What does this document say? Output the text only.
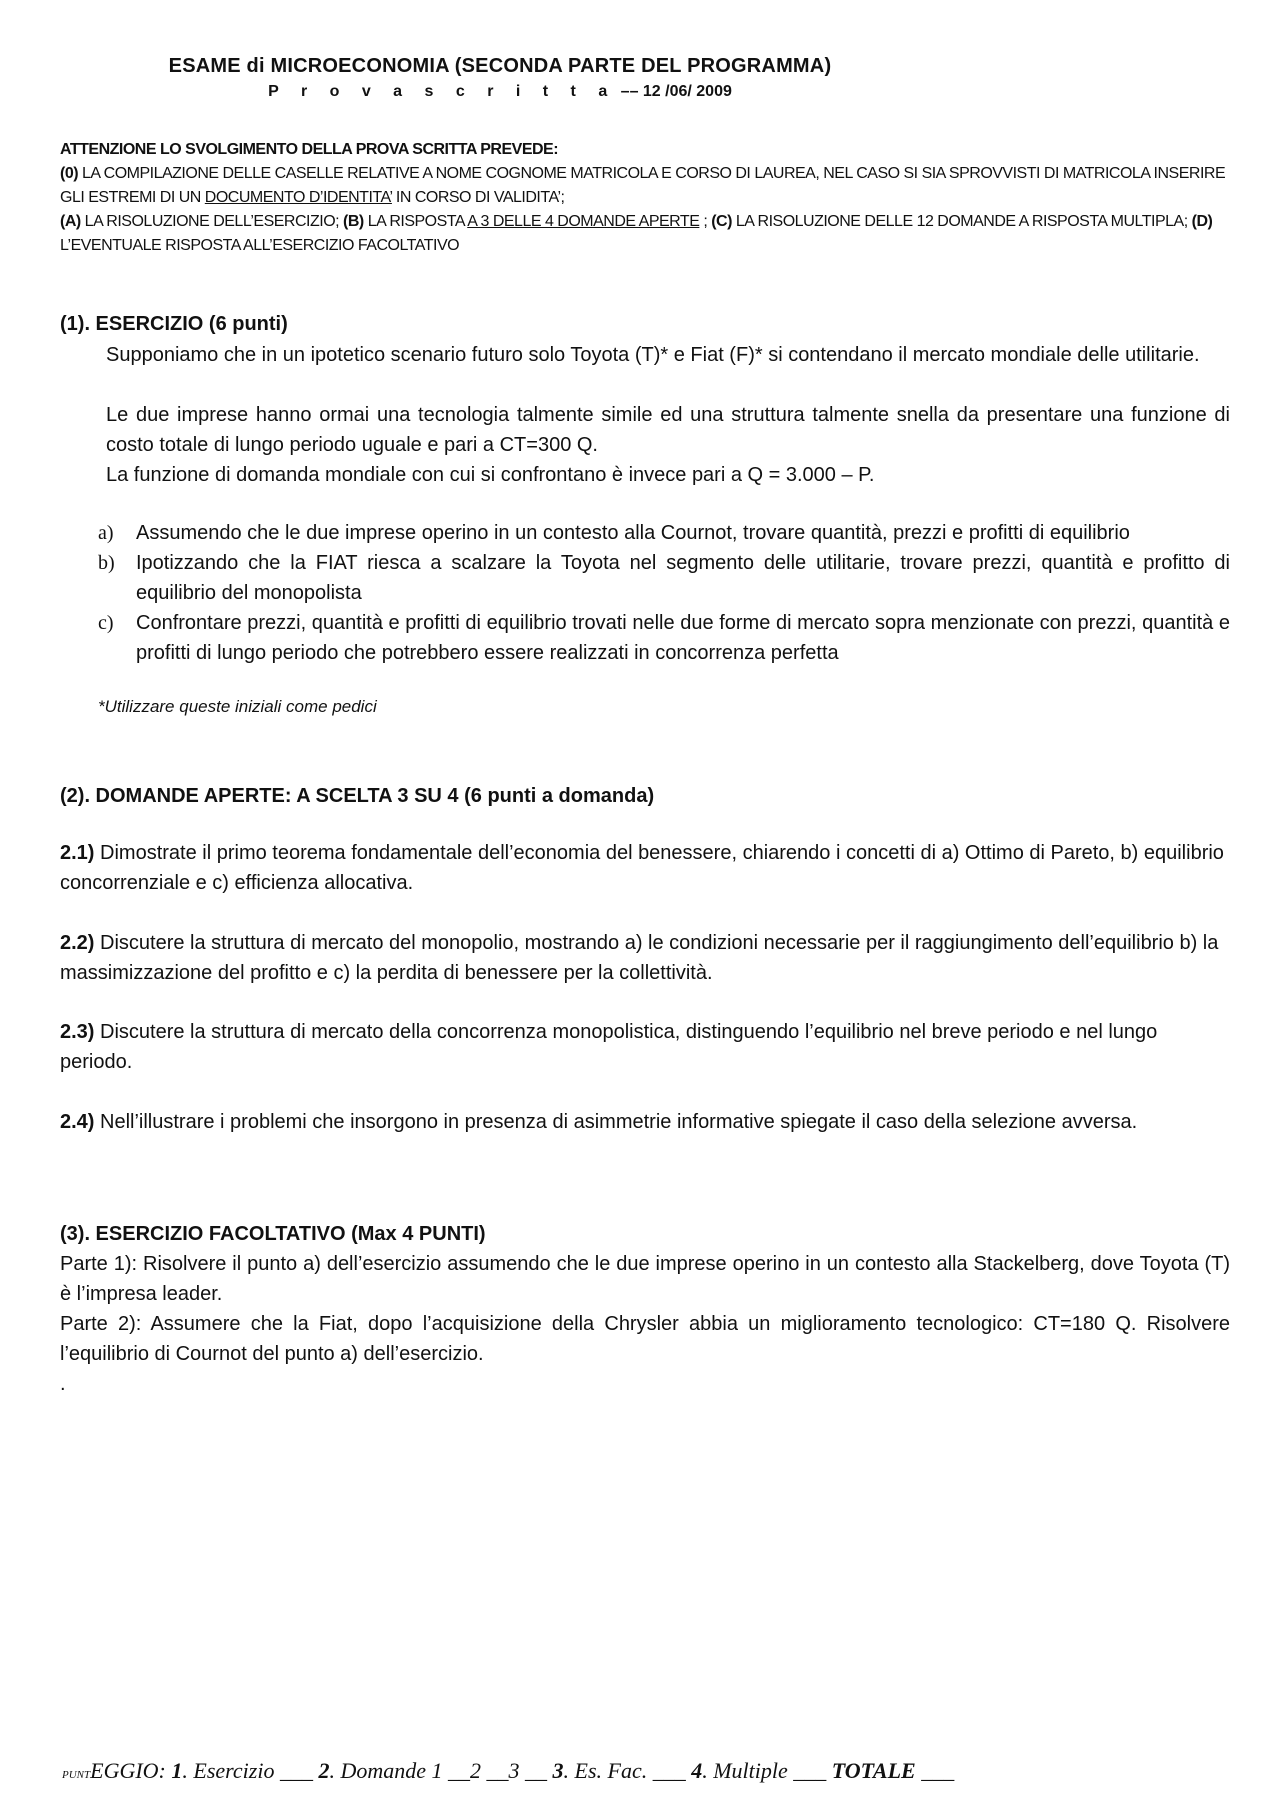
ESAME di MICROECONOMIA (SECONDA PARTE DEL PROGRAMMA)
P r o v a s c r i t t a –– 12 /06/ 2009
ATTENZIONE LO SVOLGIMENTO DELLA PROVA SCRITTA PREVEDE:
(0) LA COMPILAZIONE DELLE CASELLE RELATIVE A NOME COGNOME MATRICOLA E CORSO DI LAUREA, NEL CASO SI SIA SPROVVISTI DI MATRICOLA INSERIRE GLI ESTREMI DI UN DOCUMENTO D’IDENTITA’ IN CORSO DI VALIDITA’;
(A) LA RISOLUZIONE DELL’ESERCIZIO; (B) LA RISPOSTA A 3 DELLE 4 DOMANDE APERTE ; (C) LA RISOLUZIONE DELLE 12 DOMANDE A RISPOSTA MULTIPLA; (D) L’EVENTUALE RISPOSTA ALL’ESERCIZIO FACOLTATIVO
(1). ESERCIZIO (6 punti)
Supponiamo che in un ipotetico scenario futuro solo Toyota (T)* e Fiat (F)* si contendano il mercato mondiale delle utilitarie.
Le due imprese hanno ormai una tecnologia talmente simile ed una struttura talmente snella da presentare una funzione di costo totale di lungo periodo uguale e pari a CT=300 Q.
La funzione di domanda mondiale con cui si confrontano è invece pari a Q = 3.000 – P.
a)	Assumendo che le due imprese operino in un contesto alla Cournot, trovare quantità, prezzi e profitti di equilibrio
b)	Ipotizzando che la FIAT riesca a scalzare la Toyota nel segmento delle utilitarie, trovare prezzi, quantità e profitto di equilibrio del monopolista
c)	Confrontare prezzi, quantità e profitti di equilibrio trovati nelle due forme di mercato sopra menzionate con prezzi, quantità e profitti di lungo periodo che potrebbero essere realizzati in concorrenza perfetta
*Utilizzare queste iniziali come pedici
(2). DOMANDE APERTE: A SCELTA 3 SU 4 (6 punti a domanda)
2.1) Dimostrate il primo teorema fondamentale dell’economia del benessere, chiarendo i concetti di a) Ottimo di Pareto, b) equilibrio concorrenziale e c) efficienza allocativa.
2.2) Discutere la struttura di mercato del monopolio, mostrando a) le condizioni necessarie per il raggiungimento dell’equilibrio b) la massimizzazione del profitto e c) la perdita di benessere per la collettività.
2.3) Discutere la struttura di mercato della concorrenza monopolistica, distinguendo l’equilibrio nel breve periodo e nel lungo periodo.
2.4) Nell’illustrare i problemi che insorgono in presenza di asimmetrie informative spiegate il caso della selezione avversa.
(3). ESERCIZIO FACOLTATIVO (Max 4 PUNTI)
Parte 1): Risolvere il punto a) dell’esercizio assumendo che le due imprese operino in un contesto alla Stackelberg, dove Toyota (T) è l’impresa leader.
Parte 2): Assumere che la Fiat, dopo l’acquisizione della Chrysler abbia un miglioramento tecnologico: CT=180 Q. Risolvere l’equilibrio di Cournot del punto a) dell’esercizio.
.
PUNTEGGIO: 1. Esercizio ___ 2. Domande 1 __2 __3 __ 3. Es. Fac. ___ 4. Multiple ___ TOTALE ___
